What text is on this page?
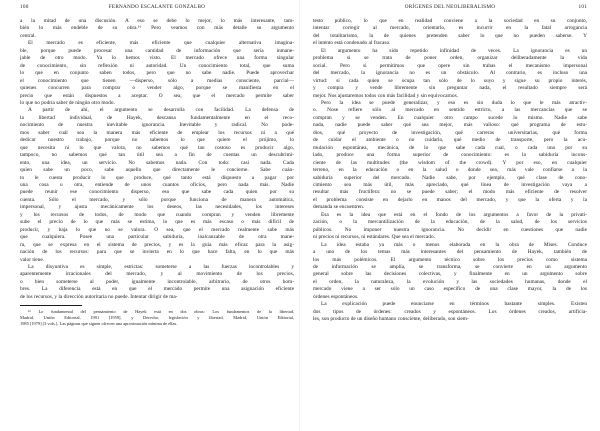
100	FERNANDO ESCALANTE GONZALBO
a la mitad de una discusión. A eso se debe lo mejor, lo más interesante, tam-
bién lo más endeble de su obra.¹⁶ Pero veamos con más detalle su argumento
central.
El mercado es eficiente, más eficiente que cualquier alternativa imagina-
ble, porque puede procesar una cantidad de información que sería inmane-
jable de otro modo. Ya lo hemos visto. El mercado ofrece una forma singular
de conocimiento, sin reflexión ni autoridad. Un conocimiento total, que suma
lo que en conjunto saben todos, pero que no sabe nadie. Puede aprovechar
el conocimiento que tienen —disperso, sólo a medias consciente, parcial—
quienes concurren para comprar o vender algo, porque se manifiesta en el
precio que están dispuestos a aceptar. O sea, que el mercado permite saber
lo que no podría saber de ningún otro modo.
A partir de ahí, el argumento se desarrolla con facilidad. La defensa de
la libertad individual, de Hayek, descansa fundamentalmente en el reco-
nocimiento de nuestra inevitable ignorancia. Inevitable y radical. No pode-
mos saber cuál sea la manera más eficiente de emplear los recursos ni a qué
dedicar nuestro trabajo, porque no sabemos lo que quiere el prójimo, lo
que necesita ni lo que valora, no sabemos qué tan costoso es producir algo,
tampoco, no sabemos qué tan útil sea a fin de cuentas un descubrimi-
ento, una idea, un servicio. No sabemos nada. Con todo: casi nada. Cada
quien sabe un poco, sabe aquello que directamente le concierne. Sabe cuán-
to le cuesta producir lo que produce, qué tanto está dispuesto a pagar por
una cosa u otra, entiende de unos cuantos oficios, pero nada más. Nadie
puede reunir ese conocimiento disperso, eso que sabe cada quien por su
cuenta. Sólo el mercado, y sólo porque funciona de manera automática,
impersonal, y ajusta mecánicamente los deseos, las necesidades, los intereses
y los recursos de todos, de modo que cuando compran y venden libremente
sube el precio de lo que más se estima, lo que es más escaso o más difícil de
producir, y baja lo que no se valora. O sea, que el mercado realmente sabe más
que cualquiera. Posee una particular sabiduría, inalcanzable de otra mane-
ra, que se expresa en el sistema de precios, y es la guía más eficaz para la asig-
nación de los recursos: para que se invierta en lo que hace falta, en lo que más
valor tiene.
La disyuntiva es simple, estrictas: someterse a las fuerzas incontrolables y
aparentemente irracionales del mercado, y al movimiento de los precios,
o bien someterse al poder, igualmente incontrolable, arbitrario, de otros hom-
bres. La diferencia está en que el mercado permite una asignación eficiente
de los recursos, y la dirección autoritaria no puede. Intentar dirigir de ma-
¹⁶ Lo fundamental del pensamiento de Hayek está en dos obras: Los fundamentos de la libertad,
Madrid, Unión Editorial, 1991 [1959], y Derecho, legislación y libertad, Madrid, Unión Editorial,
1985 [1979] (3 vols.). Las páginas que siguen ofrecen una aproximación mínima de ellas.
ORÍGENES DEL NEOLIBERALISMO	101
testo público, lo que en realidad conviene a la sociedad en su conjunto,
intentar corregir al mercado, orientarlo, es incurrir en la fatal arrogancia
del totalitarismo, la de quienes pretenden saber lo que no pueden saberse. Y
el intento está condenado al fracaso.
El argumento ha sido repetido infinidad de veces. La ignorancia es un
problema si se trata de poner orden, organizar deliberadamente la vida
social. Pero si permitimos que opere sin trabas el mecanismo impersonal
del mercado, la ignorancia no es un obstáculo. Al contrario, es incluso una
virtud: si cada quien se ocupa tan sólo de lo suyo y sigue su propio interés,
y compra y vende libremente sin preguntar nada, el resultado siempre será
mejor. Nos ajustaremos todos con más facilidad y sin equivocarnos.
Pero la idea se puede generalizar, y eso es sin duda lo que le más atractiv-
o. Nose refiere sólo al mercado en sentido estricto, a las mercancías que se
compran y se venden. En cualquier otro campo sucede lo mismo. Nadie sabe
nada, nadie puede saber qué sea mejor, más valioso: qué programa de estu-
dios, qué proyecto de investigación, qué carreras universitarias, qué forma
de cuidar el ambiente o no cuidarlo, qué medio de transporte, pero la acu-
mulación espontánea, mecánica, de lo que sabe cada cual, o cada uno por su
lado, produce una forma superior de conocimiento: es la sabiduría incons-
ciente de las multitudes (the wisdom of the crowd). Y por eso, en cualquier
terreno, en la educación o en la salud o donde sea, más vale confiarse a la
sabiduría superior del mercado. Nadie sabe, por ejemplo, qué clase de cono-
cimiento sea más útil, más apreciado, qué línea de investigación vaya a
resultar más fructífera: no se puede saber; el modo más eficiente de resolver
el problema consiste en dejarlo en manos del mercado, y que la oferta y la
demanda se encuentren.
Ésa es la idea que está en el fondo de los argumentos a favor de la privati-
zación, o la mercantilización de la educación, de la salud, de los servicios
públicos. No imponer nuestra ignorancia. No decidir en cuestiones que nadie
ni precios ni recursos, ni estándares. Que sea el mercado.
La idea estaba ya más o menos elaborada en la obra de Mises. Conduce
a uno de los temas más interesantes del pensamiento de Hayek, también de
los más polémicos. El argumento técnico sobre los precios como sistema
de información se amplía, se transforma, se convierte en un argumento
general sobre las decisiones colectivas, y finalmente en un argumento sobre
el orden, la naturaleza, la evolución y las sociedades humanas, donde el
mercado viene a ser sólo un caso específico de una clase mayor, la de los
órdenes espontáneos.
La explicación puede enunciarse en términos bastante simples. Existen
dos tipos de órdenes: creados y espontáneos. Los órdenes creados, artificia-
les, son producto de un diseño humano consciente, deliberado, son siem-
